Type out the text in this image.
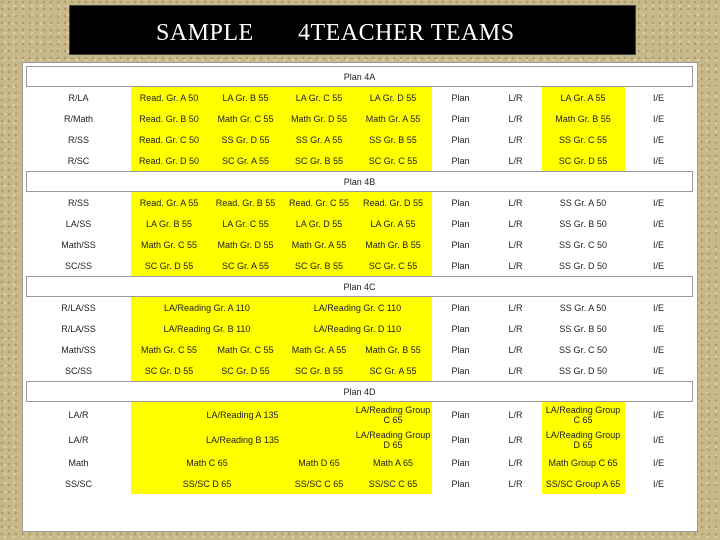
SAMPLE 4TEACHER TEAMS
Plan 4A								
R/LA	Read. Gr. A 50	LA Gr. B 55	LA Gr. C 55	LA Gr. D 55	Plan	L/R	LA Gr. A 55	I/E
R/Math	Read. Gr. B 50	Math Gr. C 55	Math Gr. D 55	Math Gr. A 55	Plan	L/R	Math Gr. B 55	I/E
R/SS	Read. Gr. C 50	SS Gr. D 55	SS Gr. A 55	SS Gr. B 55	Plan	L/R	SS Gr. C 55	I/E
R/SC	Read. Gr. D 50	SC Gr. A 55	SC Gr. B 55	SC Gr. C 55	Plan	L/R	SC Gr. D 55	I/E
Plan 4B								
R/SS	Read. Gr. A 55	Read. Gr. B 55	Read. Gr. C 55	Read. Gr. D 55	Plan	L/R	SS Gr. A 50	I/E
LA/SS	LA Gr. B 55	LA Gr. C 55	LA Gr. D 55	LA Gr. A 55	Plan	L/R	SS Gr. B 50	I/E
Math/SS	Math Gr. C 55	Math Gr. D 55	Math Gr. A 55	Math Gr. B 55	Plan	L/R	SS Gr. C 50	I/E
SC/SS	SC Gr. D 55	SC Gr. A 55	SC Gr. B 55	SC Gr. C 55	Plan	L/R	SS Gr. D 50	I/E
Plan 4C								
R/LA/SS	LA/Reading Gr. A 110		LA/Reading Gr. C 110		Plan	L/R	SS Gr. A 50	I/E
R/LA/SS	LA/Reading Gr. B 110		LA/Reading Gr. D 110		Plan	L/R	SS Gr. B 50	I/E
Math/SS	Math Gr. C 55	Math Gr. C 55	Math Gr. A 55	Math Gr. B 55	Plan	L/R	SS Gr. C 50	I/E
SC/SS	SC Gr. D 55	SC Gr. D 55	SC Gr. B 55	SC Gr. A 55	Plan	L/R	SS Gr. D 50	I/E
Plan 4D								
LA/R	LA/Reading A 135			LA/Reading Group C 65	Plan	L/R	LA/Reading Group C 65	I/E
LA/R	LA/Reading B 135			LA/Reading Group D 65	Plan	L/R	LA/Reading Group D 65	I/E
Math	Math C 65		Math D 65	Math A 65	Plan	L/R	Math Group C 65	I/E
SS/SC	SS/SC D 65		SS/SC C 65	SS/SC C 65	Plan	L/R	SS/SC Group A 65	I/E
